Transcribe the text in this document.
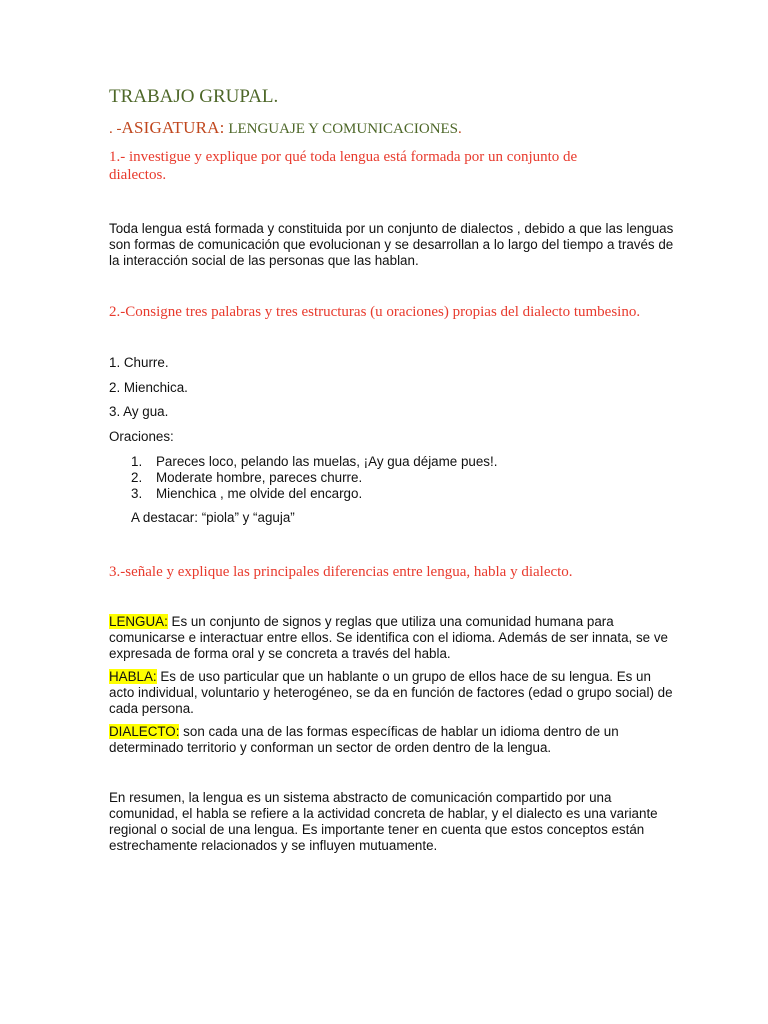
TRABAJO GRUPAL.
. -ASIGATURA: LENGUAJE Y COMUNICACIONES.
1.- investigue y explique por qué toda lengua está formada por un conjunto de
dialectos.
Toda lengua está formada y constituida por un conjunto de dialectos , debido a que las lenguas
son formas de comunicación que evolucionan y se desarrollan a lo largo del tiempo a través de
la interacción social de las personas que las hablan.
2.-Consigne tres palabras y tres estructuras (u oraciones) propias del dialecto tumbesino.
1. Churre.
2. Mienchica.
3. Ay gua.
Oraciones:
1. Pareces loco, pelando las muelas, ¡Ay gua déjame pues!.
2. Moderate hombre, pareces churre.
3.Mienchica , me olvide del encargo.
A destacar: “piola” y “aguja”
3.-señale y explique las principales diferencias entre lengua, habla y dialecto.
LENGUA: Es un conjunto de signos y reglas que utiliza una comunidad humana para
comunicarse e interactuar entre ellos. Se identifica con el idioma. Además de ser innata, se ve
expresada de forma oral y se concreta a través del habla.
HABLA: Es de uso particular que un hablante o un grupo de ellos hace de su lengua. Es un
acto individual, voluntario y heterogéneo, se da en función de factores (edad o grupo social) de
cada persona.
DIALECTO: son cada una de las formas específicas de hablar un idioma dentro de un
determinado territorio y conforman un sector de orden dentro de la lengua.
En resumen, la lengua es un sistema abstracto de comunicación compartido por una
comunidad, el habla se refiere a la actividad concreta de hablar, y el dialecto es una variante
regional o social de una lengua. Es importante tener en cuenta que estos conceptos están
estrechamente relacionados y se influyen mutuamente.
